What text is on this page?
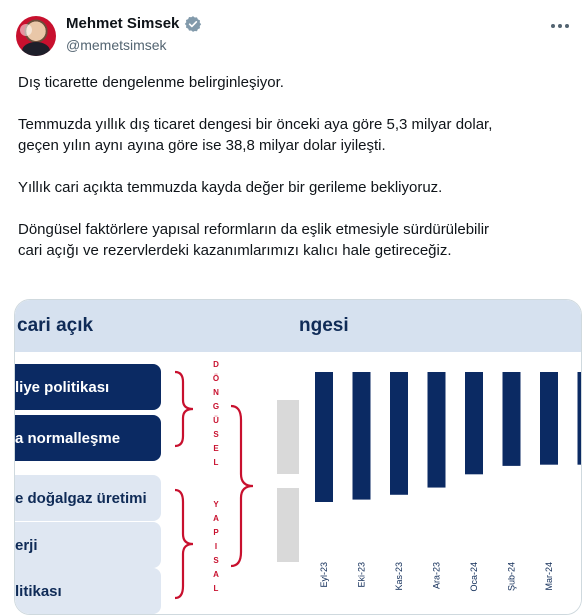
Mehmet Simsek
@memetsimsek

Dış ticarette dengelenme belirginleşiyor.

Temmuzda yıllık dış ticaret dengesi bir önceki aya göre 5,3 milyar dolar,
geçen yılın aynı ayına göre ise 38,8 milyar dolar iyileşti.

Yıllık cari açıkta temmuzda kayda değer bir gerileme bekliyoruz.

Döngüsel faktörlere yapısal reformların da eşlik etmesiyle sürdürülebilir
cari açığı ve rezervlerdeki kazanımlarımızı kalıcı hale getireceğiz.

cari açık
liye politikası
a normalleşme
e doğalgaz üretimi
erji
litikası
D
Ö
N
G
Ü
S
E
L
Y
A
P
I
S
A
L
ngesi
Eyl-23	Eki-23	Kas-23	Ara-23	Oca-24	Şub-24	Mar-24
